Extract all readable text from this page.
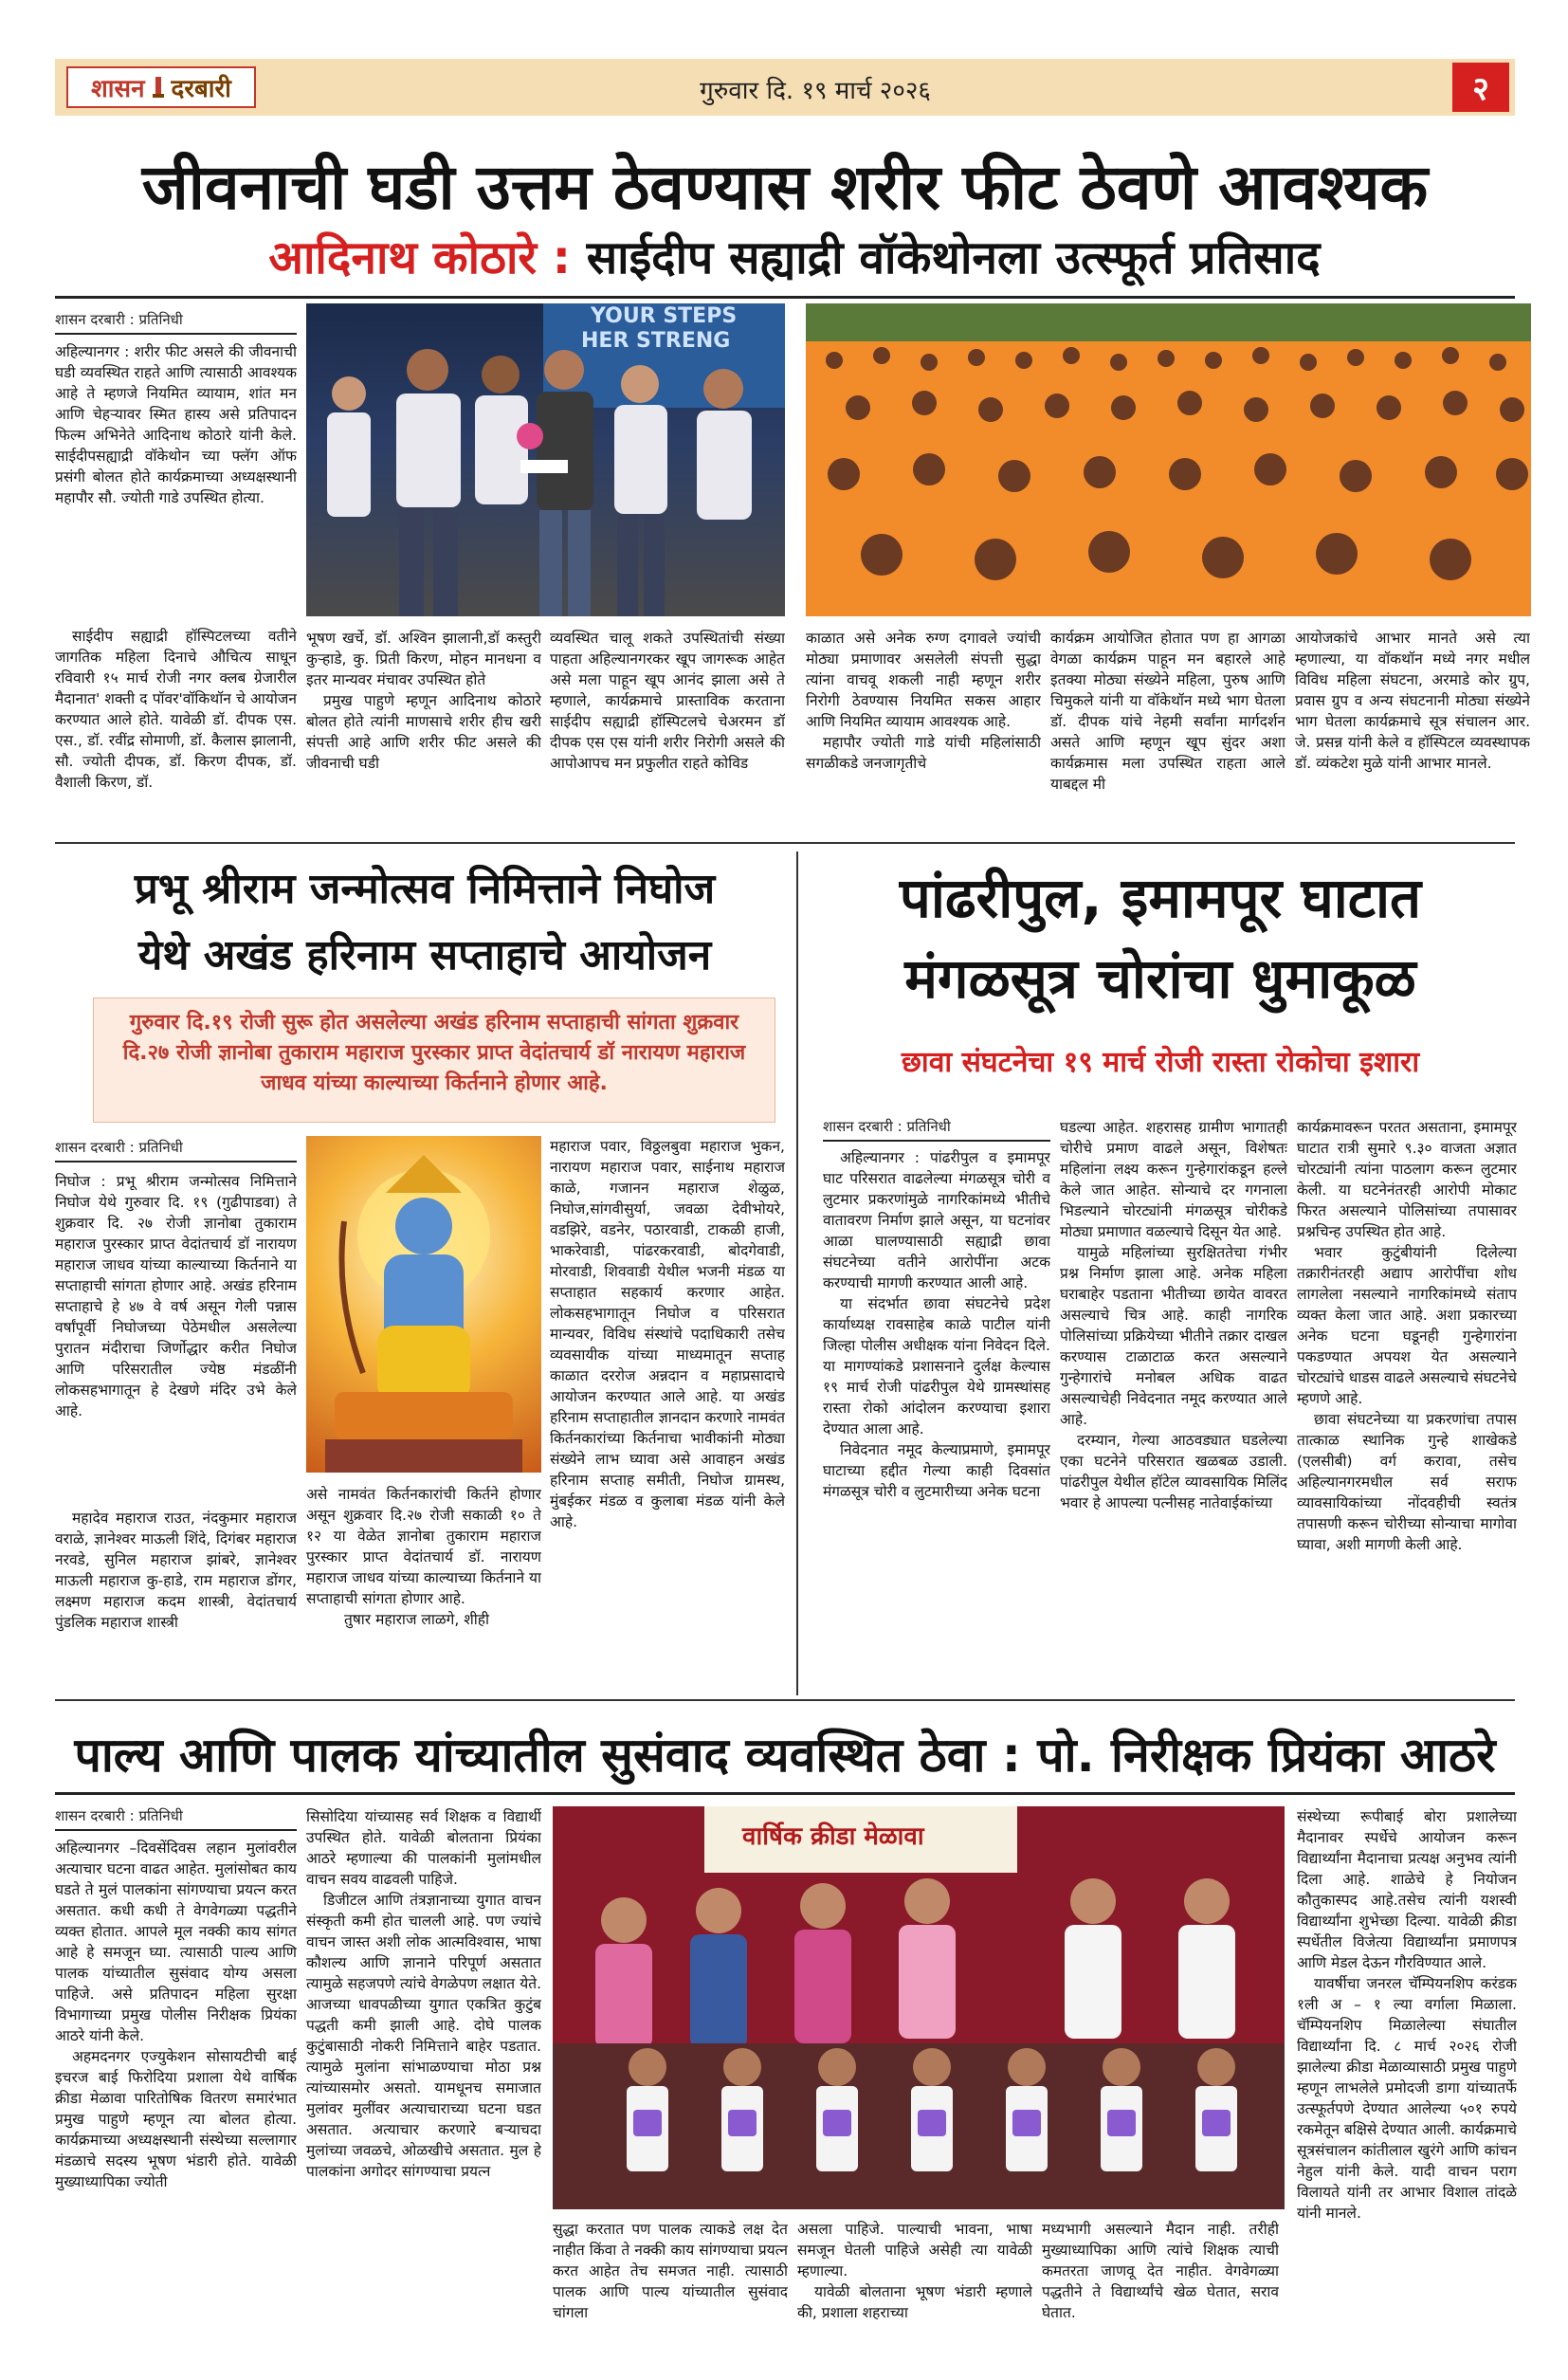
शासन दरबारी	गुरुवार दि. १९ मार्च २०२६	२
जीवनाची घडी उत्तम ठेवण्यास शरीर फीट ठेवणे आवश्यक
आदिनाथ कोठारे : साईदीप सह्याद्री वॉकेथोनला उत्स्फूर्त प्रतिसाद
शासन दरबारी : प्रतिनिधी
अहिल्यानगर : शरीर फीट असले की जीवनाची घडी व्यवस्थित राहते आणि त्यासाठी आवश्यक आहे ते म्हणजे नियमित व्यायाम, शांत मन आणि चेहऱ्यावर स्मित हास्य असे प्रतिपादन फिल्म अभिनेते आदिनाथ कोठारे यांनी केले. साईदीपसह्याद्री वॉकेथोन च्या फ्लॅग ऑफ प्रसंगी बोलत होते कार्यक्रमाच्या अध्यक्षस्थानी महापौर सौ. ज्योती गाडे उपस्थित होत्या.
साईदीप सह्याद्री हॉस्पिटलच्या वतीने जागतिक महिला दिनाचे औचित्य साधून रविवारी १५ मार्च रोजी नगर क्लब ग्रेजारील मैदानात' शक्ती द पॉवर'वॉकिथॉन चे आयोजन करण्यात आले होते. यावेळी डॉ. दीपक एस. एस., डॉ. रवींद्र सोमाणी, डॉ. कैलास झालानी, सौ. ज्योती दीपक, डॉ. किरण दीपक, डॉ. वैशाली किरण, डॉ.
YOUR STEPS
HER STRENG
भूषण खर्चे, डॉ. अश्विन झालानी,डॉ कस्तुरी कुऱ्हाडे, कु. प्रिती किरण, मोहन मानधना व इतर मान्यवर मंचावर उपस्थित होते
प्रमुख पाहुणे म्हणून आदिनाथ कोठारे बोलत होते त्यांनी माणसाचे शरीर हीच खरी संपत्ती आहे आणि शरीर फीट असले की जीवनाची घडी
व्यवस्थित चालू शकते उपस्थितांची संख्या पाहता अहिल्यानगरकर खूप जागरूक आहेत असे मला पाहून खूप आनंद झाला असे ते म्हणाले, कार्यक्रमाचे प्रास्ताविक करताना साईदीप सह्याद्री हॉस्पिटलचे चेअरमन डॉ दीपक एस एस यांनी शरीर निरोगी असले की आपोआपच मन प्रफुलीत राहते कोविड
काळात असे अनेक रुग्ण दगावले ज्यांची मोठ्या प्रमाणावर असलेली संपत्ती सुद्धा त्यांना वाचवू शकली नाही म्हणून शरीर निरोगी ठेवण्यास नियमित सकस आहार आणि नियमित व्यायाम आवश्यक आहे.
महापौर ज्योती गाडे यांची महिलांसाठी सगळीकडे जनजागृतीचे
कार्यक्रम आयोजित होतात पण हा आगळा वेगळा कार्यक्रम पाहून मन बहारले आहे इतक्या मोठ्या संख्येने महिला, पुरुष आणि चिमुकले यांनी या वॉकेथॉन मध्ये भाग घेतला डॉ. दीपक यांचे नेहमी सर्वांना मार्गदर्शन असते आणि म्हणून खूप सुंदर अशा कार्यक्रमास मला उपस्थित राहता आले याबद्दल मी
आयोजकांचे आभार मानते असे त्या म्हणाल्या, या वॉकथॉन मध्ये नगर मधील विविध महिला संघटना, अरमाडे कोर ग्रुप, प्रवास ग्रुप व अन्य संघटनानी मोठ्या संख्येने भाग घेतला कार्यक्रमाचे सूत्र संचालन आर. जे. प्रसन्न यांनी केले व हॉस्पिटल व्यवस्थापक डॉ. व्यंकटेश मुळे यांनी आभार मानले.
प्रभू श्रीराम जन्मोत्सव निमित्ताने निघोज
येथे अखंड हरिनाम सप्ताहाचे आयोजन
गुरुवार दि.१९ रोजी सुरू होत असलेल्या अखंड हरिनाम सप्ताहाची सांगता शुक्रवार दि.२७ रोजी ज्ञानोबा तुकाराम महाराज पुरस्कार प्राप्त वेदांतचार्य डॉ नारायण महाराज जाधव यांच्या काल्याच्या किर्तनाने होणार आहे.
शासन दरबारी : प्रतिनिधी
निघोज : प्रभू श्रीराम जन्मोत्सव निमित्ताने निघोज येथे गुरुवार दि. १९ (गुढीपाडवा) ते शुक्रवार दि. २७ रोजी ज्ञानोबा तुकाराम महाराज पुरस्कार प्राप्त वेदांतचार्य डॉ नारायण महाराज जाधव यांच्या काल्याच्या किर्तनाने या सप्ताहाची सांगता होणार आहे. अखंड हरिनाम सप्ताहाचे हे ४७ वे वर्ष असून गेली पन्नास वर्षांपूर्वी निघोजच्या पेठेमधील असलेल्या पुरातन मंदीराचा जिर्णोद्धार करीत निघोज आणि परिसरातील ज्येष्ठ मंडळींनी लोकसहभागातून हे देखणे मंदिर उभे केले आहे.
महादेव महाराज राउत, नंदकुमार महाराज वराळे, ज्ञानेश्वर माऊली शिंदे, दिगंबर महाराज नरवडे, सुनिल महाराज झांबरे, ज्ञानेश्वर माऊली महाराज कु-हाडे, राम महाराज डोंगर, लक्ष्मण महाराज कदम शास्त्री, वेदांतचार्य पुंडलिक महाराज शास्त्री
असे नामवंत किर्तनकारांची किर्तने होणार असून शुक्रवार दि.२७ रोजी सकाळी १० ते १२ या वेळेत ज्ञानोबा तुकाराम महाराज पुरस्कार प्राप्त वेदांतचार्य डॉ. नारायण महाराज जाधव यांच्या काल्याच्या किर्तनाने या सप्ताहाची सांगता होणार आहे.
तुषार महाराज लाळगे, शीही
महाराज पवार, विठ्ठलबुवा महाराज भुकन, नारायण महाराज पवार, साईनाथ महाराज काळे, गजानन महाराज शेळुळ, निघोज,सांगवीसुर्या, जवळा देवीभोयरे, वडझिरे, वडनेर, पठारवाडी, टाकळी हाजी, भाकरेवाडी, पांढरकरवाडी, बोदगेवाडी, मोरवाडी, शिववाडी येथील भजनी मंडळ या सप्ताहात सहकार्य करणार आहेत. लोकसहभागातून निघोज व परिसरात मान्यवर, विविध संस्थांचे पदाधिकारी तसेच व्यवसायीक यांच्या माध्यमातून सप्ताह काळात दररोज अन्नदान व महाप्रसादाचे आयोजन करण्यात आले आहे. या अखंड हरिनाम सप्ताहातील ज्ञानदान करणारे नामवंत किर्तनकारांच्या किर्तनाचा भावीकांनी मोठ्या संख्येने लाभ घ्यावा असे आवाहन अखंड हरिनाम सप्ताह समीती, निघोज ग्रामस्थ, मुंबईकर मंडळ व कुलाबा मंडळ यांनी केले आहे.
पांढरीपुल, इमामपूर घाटात
मंगळसूत्र चोरांचा धुमाकूळ
छावा संघटनेचा १९ मार्च रोजी रास्ता रोकोचा इशारा
शासन दरबारी : प्रतिनिधी
अहिल्यानगर : पांढरीपुल व इमामपूर घाट परिसरात वाढलेल्या मंगळसूत्र चोरी व लुटमार प्रकरणांमुळे नागरिकांमध्ये भीतीचे वातावरण निर्माण झाले असून, या घटनांवर आळा घालण्यासाठी सह्याद्री छावा संघटनेच्या वतीने आरोपींना अटक करण्याची मागणी करण्यात आली आहे.
या संदर्भात छावा संघटनेचे प्रदेश कार्याध्यक्ष रावसाहेब काळे पाटील यांनी जिल्हा पोलीस अधीक्षक यांना निवेदन दिले. या मागण्यांकडे प्रशासनाने दुर्लक्ष केल्यास १९ मार्च रोजी पांढरीपुल येथे ग्रामस्थांसह रास्ता रोको आंदोलन करण्याचा इशारा देण्यात आला आहे.
निवेदनात नमूद केल्याप्रमाणे, इमामपूर घाटाच्या हद्दीत गेल्या काही दिवसांत मंगळसूत्र चोरी व लुटमारीच्या अनेक घटना
घडल्या आहेत. शहरासह ग्रामीण भागातही चोरीचे प्रमाण वाढले असून, विशेषतः महिलांना लक्ष्य करून गुन्हेगारांकडून हल्ले केले जात आहेत. सोन्याचे दर गगनाला भिडल्याने चोरट्यांनी मंगळसूत्र चोरीकडे मोठ्या प्रमाणात वळल्याचे दिसून येत आहे.
यामुळे महिलांच्या सुरक्षिततेचा गंभीर प्रश्न निर्माण झाला आहे. अनेक महिला घराबाहेर पडताना भीतीच्या छायेत वावरत असल्याचे चित्र आहे. काही नागरिक पोलिसांच्या प्रक्रियेच्या भीतीने तक्रार दाखल करण्यास टाळाटाळ करत असल्याने गुन्हेगारांचे मनोबल अधिक वाढत असल्याचेही निवेदनात नमूद करण्यात आले आहे.
दरम्यान, गेल्या आठवड्यात घडलेल्या एका घटनेने परिसरात खळबळ उडाली. पांढरीपुल येथील हॉटेल व्यावसायिक मिलिंद भवार हे आपल्या पत्नीसह नातेवाईकांच्या
कार्यक्रमावरून परतत असताना, इमामपूर घाटात रात्री सुमारे ९.३० वाजता अज्ञात चोरट्यांनी त्यांना पाठलाग करून लुटमार केली. या घटनेनंतरही आरोपी मोकाट फिरत असल्याने पोलिसांच्या तपासावर प्रश्नचिन्ह उपस्थित होत आहे.
भवार कुटुंबीयांनी दिलेल्या तक्रारीनंतरही अद्याप आरोपींचा शोध लागलेला नसल्याने नागरिकांमध्ये संताप व्यक्त केला जात आहे. अशा प्रकारच्या अनेक घटना घडूनही गुन्हेगारांना पकडण्यात अपयश येत असल्याने चोरट्यांचे धाडस वाढले असल्याचे संघटनेचे म्हणणे आहे.
छावा संघटनेच्या या प्रकरणांचा तपास तात्काळ स्थानिक गुन्हे शाखेकडे (एलसीबी) वर्ग करावा, तसेच अहिल्यानगरमधील सर्व सराफ व्यावसायिकांच्या नोंदवहीची स्वतंत्र तपासणी करून चोरीच्या सोन्याचा मागोवा घ्यावा, अशी मागणी केली आहे.
पाल्य आणि पालक यांच्यातील सुसंवाद व्यवस्थित ठेवा : पो. निरीक्षक प्रियंका आठरे
शासन दरबारी : प्रतिनिधी
अहिल्यानगर –दिवसेंदिवस लहान मुलांवरील अत्याचार घटना वाढत आहेत. मुलांसोबत काय घडते ते मुलं पालकांना सांगण्याचा प्रयत्न करत असतात. कधी कधी ते वेगवेगळ्या पद्धतीने व्यक्त होतात. आपले मूल नक्की काय सांगत आहे हे समजून घ्या. त्यासाठी पाल्य आणि पालक यांच्यातील सुसंवाद योग्य असला पाहिजे. असे प्रतिपादन महिला सुरक्षा विभागाच्या प्रमुख पोलीस निरीक्षक प्रियंका आठरे यांनी केले.
अहमदनगर एज्युकेशन सोसायटीची बाई इचरज बाई फिरोदिया प्रशाला येथे वार्षिक क्रीडा मेळावा पारितोषिक वितरण समारंभात प्रमुख पाहुणे म्हणून त्या बोलत होत्या. कार्यक्रमाच्या अध्यक्षस्थानी संस्थेच्या सल्लागार मंडळाचे सदस्य भूषण भंडारी होते. यावेळी मुख्याध्यापिका ज्योती
सिसोदिया यांच्यासह सर्व शिक्षक व विद्यार्थी उपस्थित होते. यावेळी बोलताना प्रियंका आठरे म्हणाल्या की पालकांनी मुलांमधील वाचन सवय वाढवली पाहिजे.
डिजीटल आणि तंत्रज्ञानाच्या युगात वाचन संस्कृती कमी होत चालली आहे. पण ज्यांचे वाचन जास्त अशी लोक आत्मविश्वास, भाषा कौशल्य आणि ज्ञानाने परिपूर्ण असतात त्यामुळे सहजपणे त्यांचे वेगळेपण लक्षात येते. आजच्या धावपळीच्या युगात एकत्रित कुटुंब पद्धती कमी झाली आहे. दोघे पालक कुटुंबासाठी नोकरी निमित्ताने बाहेर पडतात. त्यामुळे मुलांना सांभाळण्याचा मोठा प्रश्न त्यांच्यासमोर असतो. यामधूनच समाजात मुलांवर मुलींवर अत्याचाराच्या घटना घडत असतात. अत्याचार करणारे बऱ्याचदा मुलांच्या जवळचे, ओळखीचे असतात. मुल हे पालकांना अगोदर सांगण्याचा प्रयत्न
वार्षिक क्रीडा मेळावा
सुद्धा करतात पण पालक त्याकडे लक्ष देत नाहीत किंवा ते नक्की काय सांगण्याचा प्रयत्न करत आहेत तेच समजत नाही. त्यासाठी पालक आणि पाल्य यांच्यातील सुसंवाद चांगला
असला पाहिजे. पाल्याची भावना, भाषा समजून घेतली पाहिजे असेही त्या यावेळी म्हणाल्या.
यावेळी बोलताना भूषण भंडारी म्हणाले की, प्रशाला शहराच्या
मध्यभागी असल्याने मैदान नाही. तरीही मुख्याध्यापिका आणि त्यांचे शिक्षक त्याची कमतरता जाणवू देत नाहीत. वेगवेगळ्या पद्धतीने ते विद्यार्थ्यांचे खेळ घेतात, सराव घेतात.
संस्थेच्या रूपीबाई बोरा प्रशालेच्या मैदानावर स्पर्धेचे आयोजन करून विद्यार्थ्यांना मैदानाचा प्रत्यक्ष अनुभव त्यांनी दिला आहे. शाळेचे हे नियोजन कौतुकास्पद आहे.तसेच त्यांनी यशस्वी विद्यार्थ्यांना शुभेच्छा दिल्या. यावेळी क्रीडा स्पर्धेतील विजेत्या विद्यार्थ्यांना प्रमाणपत्र आणि मेडल देऊन गौरविण्यात आले.
यावर्षीचा जनरल चॅम्पियनशिप करंडक १ली अ – १ ल्या वर्गाला मिळाला. चॅम्पियनशिप मिळालेल्या संघातील विद्यार्थ्यांना दि. ८ मार्च २०२६ रोजी झालेल्या क्रीडा मेळाव्यासाठी प्रमुख पाहुणे म्हणून लाभलेले प्रमोदजी डागा यांच्यातर्फे उत्स्फूर्तपणे देण्यात आलेल्या ५०१ रुपये रकमेतून बक्षिसे देण्यात आली. कार्यक्रमाचे सूत्रसंचालन कांतीलाल खुरंगे आणि कांचन नेहुल यांनी केले. यादी वाचन पराग विलायते यांनी तर आभार विशाल तांदळे यांनी मानले.
